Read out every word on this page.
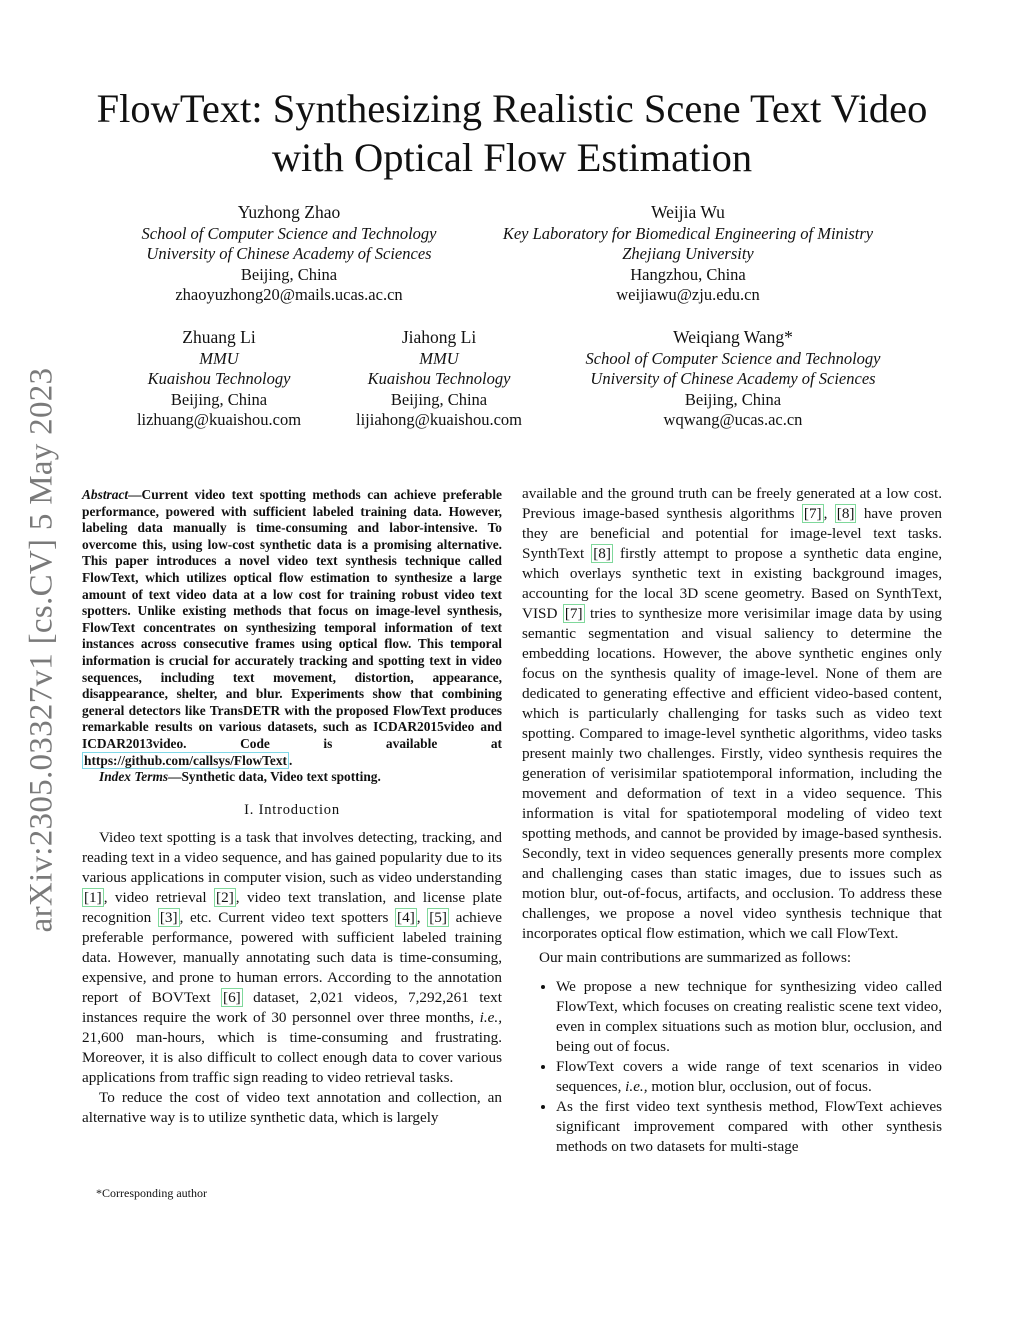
arXiv:2305.03327v1 [cs.CV] 5 May 2023
FlowText: Synthesizing Realistic Scene Text Video
with Optical Flow Estimation
Yuzhong Zhao
School of Computer Science and Technology
University of Chinese Academy of Sciences
Beijing, China
zhaoyuzhong20@mails.ucas.ac.cn
Weijia Wu
Key Laboratory for Biomedical Engineering of Ministry
Zhejiang University
Hangzhou, China
weijiawu@zju.edu.cn
Zhuang Li
MMU
Kuaishou Technology
Beijing, China
lizhuang@kuaishou.com
Jiahong Li
MMU
Kuaishou Technology
Beijing, China
lijiahong@kuaishou.com
Weiqiang Wang*
School of Computer Science and Technology
University of Chinese Academy of Sciences
Beijing, China
wqwang@ucas.ac.cn

Abstract—Current video text spotting methods can achieve preferable performance, powered with sufficient labeled training data. However, labeling data manually is time-consuming and labor-intensive. To overcome this, using low-cost synthetic data is a promising alternative. This paper introduces a novel video text synthesis technique called FlowText, which utilizes optical flow estimation to synthesize a large amount of text video data at a low cost for training robust video text spotters. Unlike existing methods that focus on image-level synthesis, FlowText concentrates on synthesizing temporal information of text instances across consecutive frames using optical flow. This temporal information is crucial for accurately tracking and spotting text in video sequences, including text movement, distortion, appearance, disappearance, shelter, and blur. Experiments show that combining general detectors like TransDETR with the proposed FlowText produces remarkable results on various datasets, such as ICDAR2015video and ICDAR2013video. Code is available at https://github.com/callsys/FlowText .

Index Terms—Synthetic data, Video text spotting.

I. Introduction

Video text spotting is a task that involves detecting, tracking, and reading text in a video sequence, and has gained popularity due to its various applications in computer vision, such as video understanding [1] , video retrieval [2] , video text translation, and license plate recognition [3] , etc. Current video text spotters [4] , [5] achieve preferable performance, powered with sufficient labeled training data. However, manually annotating such data is time-consuming, expensive, and prone to human errors. According to the annotation report of BOVText [6] dataset, 2,021 videos, 7,292,261 text instances require the work of 30 personnel over three months, i.e., 21,600 man-hours, which is time-consuming and frustrating. Moreover, it is also difficult to collect enough data to cover various applications from traffic sign reading to video retrieval tasks.

To reduce the cost of video text annotation and collection, an alternative way is to utilize synthetic data, which is largely

available and the ground truth can be freely generated at a low cost. Previous image-based synthesis algorithms [7] , [8] have proven they are beneficial and potential for image-level text tasks. SynthText [8] firstly attempt to propose a synthetic data engine, which overlays synthetic text in existing background images, accounting for the local 3D scene geometry. Based on SynthText, VISD [7] tries to synthesize more verisimilar image data by using semantic segmentation and visual saliency to determine the embedding locations. However, the above synthetic engines only focus on the synthesis quality of image-level. None of them are dedicated to generating effective and efficient video-based content, which is particularly challenging for tasks such as video text spotting. Compared to image-level synthetic algorithms, video tasks present mainly two challenges. Firstly, video synthesis requires the generation of verisimilar spatiotemporal information, including the movement and deformation of text in a video sequence. This information is vital for spatiotemporal modeling of video text spotting methods, and cannot be provided by image-based synthesis. Secondly, text in video sequences generally presents more complex and challenging cases than static images, due to issues such as motion blur, out-of-focus, artifacts, and occlusion. To address these challenges, we propose a novel video synthesis technique that incorporates optical flow estimation, which we call FlowText.

Our main contributions are summarized as follows:

• We propose a new technique for synthesizing video called FlowText, which focuses on creating realistic scene text video, even in complex situations such as motion blur, occlusion, and being out of focus.
• FlowText covers a wide range of text scenarios in video sequences, i.e., motion blur, occlusion, out of focus.
• As the first video text synthesis method, FlowText achieves significant improvement compared with other synthesis methods on two datasets for multi-stage
*Corresponding author
